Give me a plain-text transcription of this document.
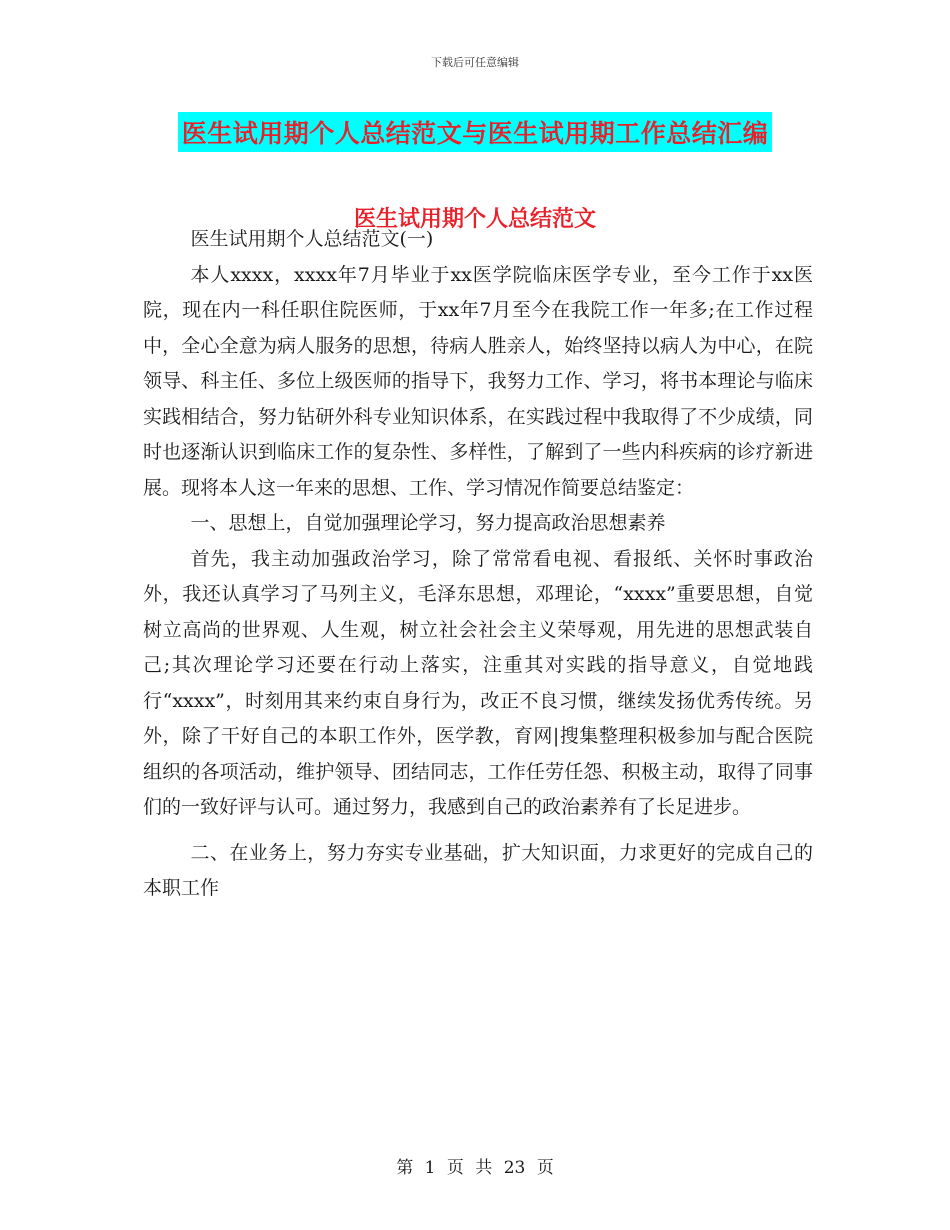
下载后可任意编辑
医生试用期个人总结范文与医生试用期工作总结汇编
医生试用期个人总结范文

医生试用期个人总结范文(一)

本人xxxx，xxxx年7月毕业于xx医学院临床医学专业，至今工作于xx医院，现在内一科任职住院医师，于xx年7月至今在我院工作一年多;在工作过程中，全心全意为病人服务的思想，待病人胜亲人，始终坚持以病人为中心，在院领导、科主任、多位上级医师的指导下，我努力工作、学习，将书本理论与临床实践相结合，努力钻研外科专业知识体系，在实践过程中我取得了不少成绩，同时也逐渐认识到临床工作的复杂性、多样性，了解到了一些内科疾病的诊疗新进展。现将本人这一年来的思想、工作、学习情况作简要总结鉴定：

一、思想上，自觉加强理论学习，努力提高政治思想素养

首先，我主动加强政治学习，除了常常看电视、看报纸、关怀时事政治外，我还认真学习了马列主义，毛泽东思想，邓理论，“xxxx”重要思想，自觉树立高尚的世界观、人生观，树立社会社会主义荣辱观，用先进的思想武装自己;其次理论学习还要在行动上落实，注重其对实践的指导意义，自觉地践行“xxxx”，时刻用其来约束自身行为，改正不良习惯，继续发扬优秀传统。另外，除了干好自己的本职工作外，医学教，育网|搜集整理积极参加与配合医院组织的各项活动，维护领导、团结同志，工作任劳任怨、积极主动，取得了同事们的一致好评与认可。通过努力，我感到自己的政治素养有了长足进步。

二、在业务上，努力夯实专业基础，扩大知识面，力求更好的完成自己的本职工作

第 1 页 共 23 页
